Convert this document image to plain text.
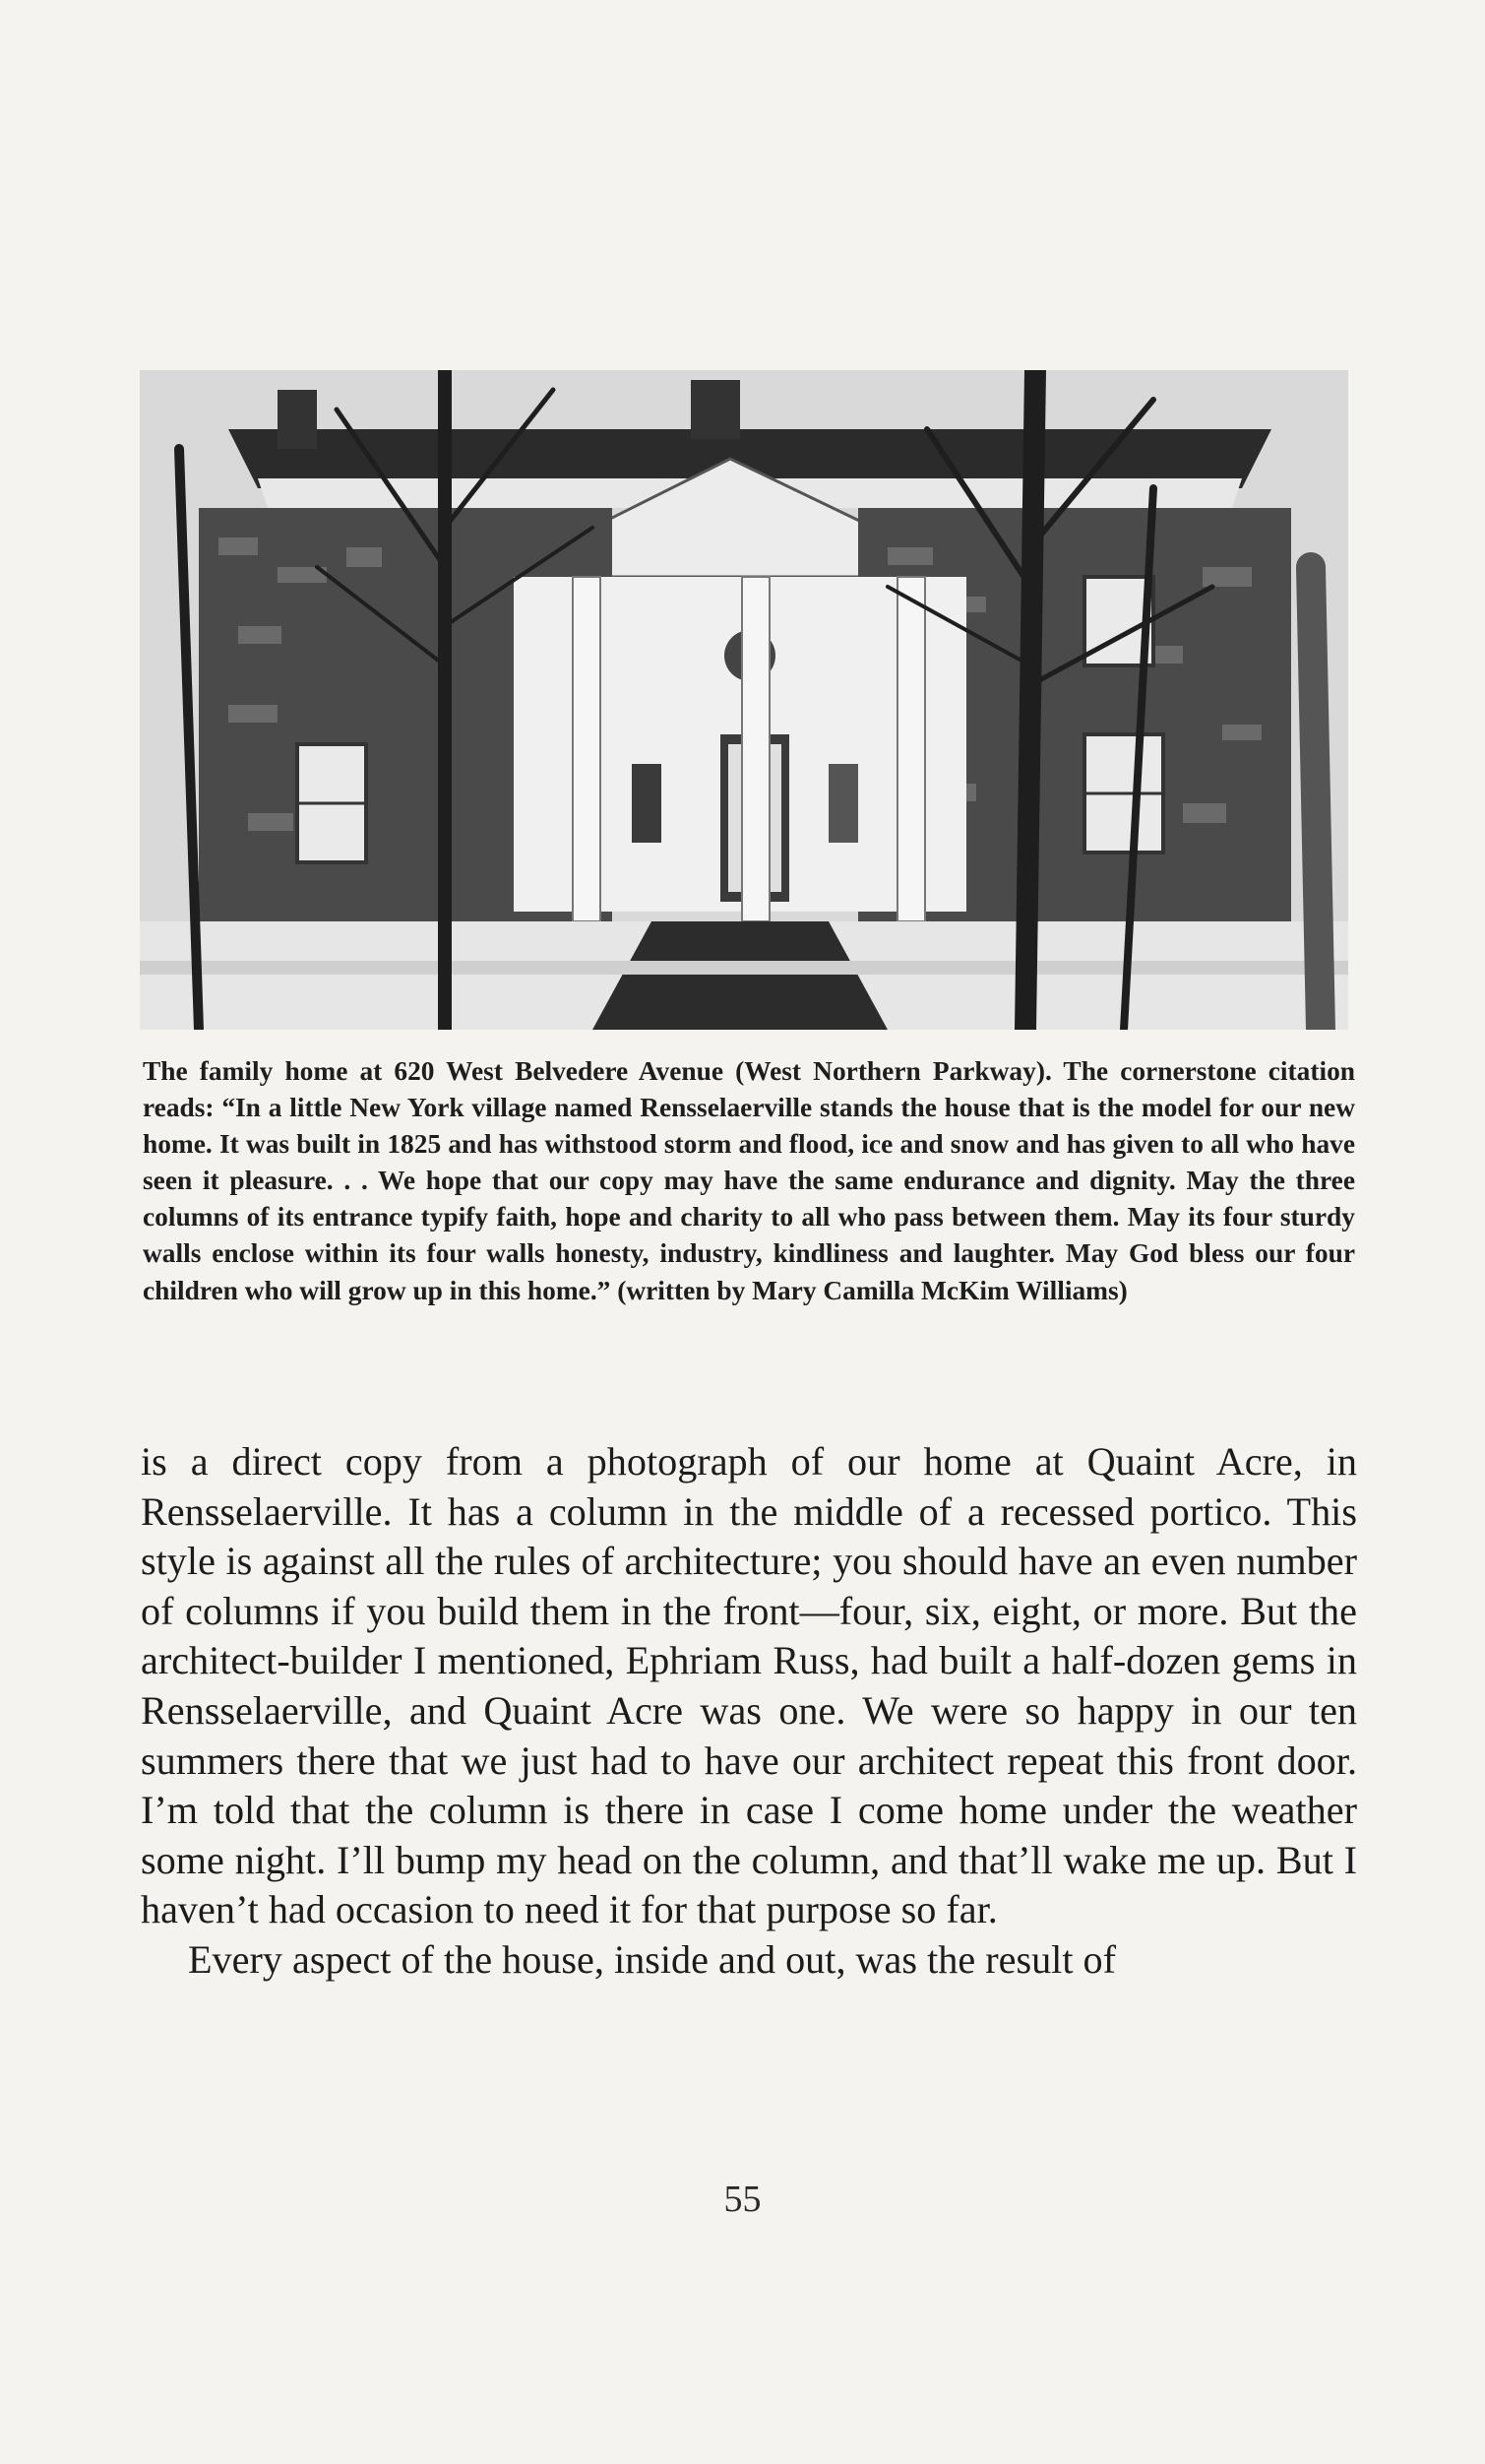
The family home at 620 West Belvedere Avenue (West Northern Parkway). The cornerstone citation reads: “In a little New York village named Rensselaerville stands the house that is the model for our new home. It was built in 1825 and has withstood storm and flood, ice and snow and has given to all who have seen it pleasure. . . We hope that our copy may have the same endurance and dignity. May the three columns of its entrance typify faith, hope and charity to all who pass between them. May its four sturdy walls enclose within its four walls honesty, industry, kindliness and laughter. May God bless our four children who will grow up in this home.” (written by Mary Camilla McKim Williams)

is a direct copy from a photograph of our home at Quaint Acre, in Rensselaerville. It has a column in the middle of a recessed portico. This style is against all the rules of architecture; you should have an even number of columns if you build them in the front—four, six, eight, or more. But the architect-builder I mentioned, Ephriam Russ, had built a half-dozen gems in Rensselaerville, and Quaint Acre was one. We were so happy in our ten summers there that we just had to have our architect repeat this front door. I’m told that the column is there in case I come home under the weather some night. I’ll bump my head on the column, and that’ll wake me up. But I haven’t had occasion to need it for that purpose so far.

Every aspect of the house, inside and out, was the result of

55
